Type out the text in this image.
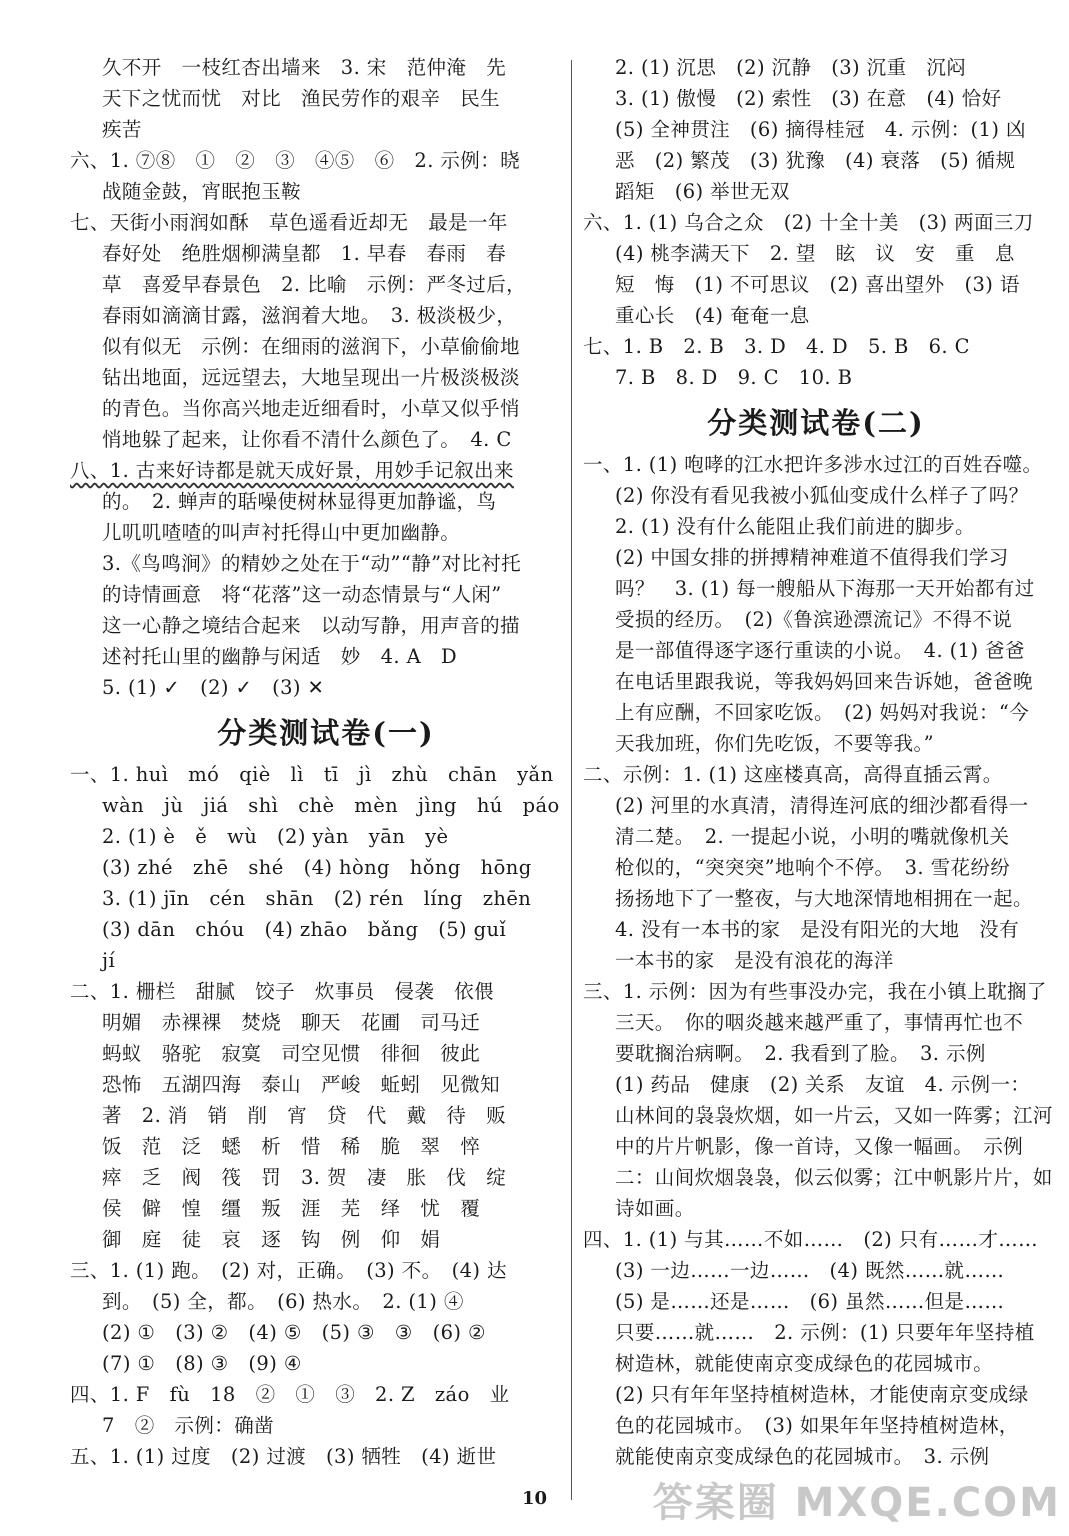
久不开　一枝红杏出墙来　3. 宋　范仲淹　先
天下之忧而忧　对比　渔民劳作的艰辛　民生
疾苦
六、1. ⑦⑧　①　②　③　④⑤　⑥　2. 示例：晓
战随金鼓，宵眠抱玉鞍
七、天街小雨润如酥　草色遥看近却无　最是一年
春好处　绝胜烟柳满皇都　1. 早春　春雨　春
草　喜爱早春景色　2. 比喻　示例：严冬过后，
春雨如滴滴甘露，滋润着大地。　3. 极淡极少，
似有似无　示例：在细雨的滋润下，小草偷偷地
钻出地面，远远望去，大地呈现出一片极淡极淡
的青色。当你高兴地走近细看时，小草又似乎悄
悄地躲了起来，让你看不清什么颜色了。　4. C
八、1. 古来好诗都是就天成好景，用妙手记叙出来
的。　2. 蝉声的聒噪使树林显得更加静谧，鸟
儿叽叽喳喳的叫声衬托得山中更加幽静。
3.《鸟鸣涧》的精妙之处在于“动”“静”对比衬托
的诗情画意　将“花落”这一动态情景与“人闲”
这一心静之境结合起来　以动写静，用声音的描
述衬托山里的幽静与闲适　妙　4. A　D
5. (1) ✓　(2) ✓　(3) ✕
分类测试卷(一)
一、1. huì　mó　qiè　lì　tī　jì　zhù　chān　yǎn
wàn　jù　jiá　shì　chè　mèn　jìng　hú　páo
2. (1) è　ě　wù　(2) yàn　yān　yè
(3) zhé　zhē　shé　(4) hòng　hǒng　hōng
3. (1) jīn　cén　shān　(2) rén　líng　zhēn
(3) dān　chóu　(4) zhāo　bǎng　(5) guǐ
jí
二、1. 栅栏　甜腻　饺子　炊事员　侵袭　依偎
明媚　赤裸裸　焚烧　聊天　花圃　司马迁
蚂蚁　骆驼　寂寞　司空见惯　徘徊　彼此
恐怖　五湖四海　泰山　严峻　蚯蚓　见微知
著　2. 消　销　削　宵　贷　代　戴　待　贩
饭　范　泛　蟋　析　惜　稀　脆　翠　悴
瘁　乏　阀　筏　罚　3. 贺　凄　胀　伐　绽
侯　僻　惶　缰　叛　涯　芜　绎　忧　覆
御　庭　徒　哀　逐　钩　例　仰　娟
三、1. (1) 跑。　(2) 对，正确。　(3) 不。　(4) 达
到。　(5) 全，都。　(6) 热水。　2. (1) ④
(2) ①　(3) ②　(4) ⑤　(5) ③　③　(6) ②
(7) ①　(8) ③　(9) ④
四、1. F　fù　18　②　①　③　2. Z　záo　业
7　②　示例：确凿
五、1. (1) 过度　(2) 过渡　(3) 牺牲　(4) 逝世
2. (1) 沉思　(2) 沉静　(3) 沉重　沉闷
3. (1) 傲慢　(2) 索性　(3) 在意　(4) 恰好
(5) 全神贯注　(6) 摘得桂冠　4. 示例：(1) 凶
恶　(2) 繁茂　(3) 犹豫　(4) 衰落　(5) 循规
蹈矩　(6) 举世无双
六、1. (1) 乌合之众　(2) 十全十美　(3) 两面三刀
(4) 桃李满天下　2. 望　眩　议　安　重　息
短　悔　(1) 不可思议　(2) 喜出望外　(3) 语
重心长　(4) 奄奄一息
七、1. B　2. B　3. D　4. D　5. B　6. C
7. B　8. D　9. C　10. B
分类测试卷(二)
一、1. (1) 咆哮的江水把许多涉水过江的百姓吞噬。
(2) 你没有看见我被小狐仙变成什么样子了吗？
2. (1) 没有什么能阻止我们前进的脚步。
(2) 中国女排的拼搏精神难道不值得我们学习
吗？　3. (1) 每一艘船从下海那一天开始都有过
受损的经历。　(2)《鲁滨逊漂流记》不得不说
是一部值得逐字逐行重读的小说。　4. (1) 爸爸
在电话里跟我说，等我妈妈回来告诉她，爸爸晚
上有应酬，不回家吃饭。　(2) 妈妈对我说：“今
天我加班，你们先吃饭，不要等我。”
二、示例：1. (1) 这座楼真高，高得直插云霄。
(2) 河里的水真清，清得连河底的细沙都看得一
清二楚。　2. 一提起小说，小明的嘴就像机关
枪似的，“突突突”地响个不停。　3. 雪花纷纷
扬扬地下了一整夜，与大地深情地相拥在一起。
4. 没有一本书的家　是没有阳光的大地　没有
一本书的家　是没有浪花的海洋
三、1. 示例：因为有些事没办完，我在小镇上耽搁了
三天。　你的咽炎越来越严重了，事情再忙也不
要耽搁治病啊。　2. 我看到了脸。　3. 示例
(1) 药品　健康　(2) 关系　友谊　4. 示例一：
山林间的袅袅炊烟，如一片云，又如一阵雾；江河
中的片片帆影，像一首诗，又像一幅画。　示例
二：山间炊烟袅袅，似云似雾；江中帆影片片，如
诗如画。
四、1. (1) 与其……不如……　(2) 只有……才……
(3) 一边……一边……　(4) 既然……就……
(5) 是……还是……　(6) 虽然……但是……
只要……就……　2. 示例：(1) 只要年年坚持植
树造林，就能使南京变成绿色的花园城市。
(2) 只有年年坚持植树造林，才能使南京变成绿
色的花园城市。　(3) 如果年年坚持植树造林，
就能使南京变成绿色的花园城市。　3. 示例
10	答案圈 MXQE.COM
